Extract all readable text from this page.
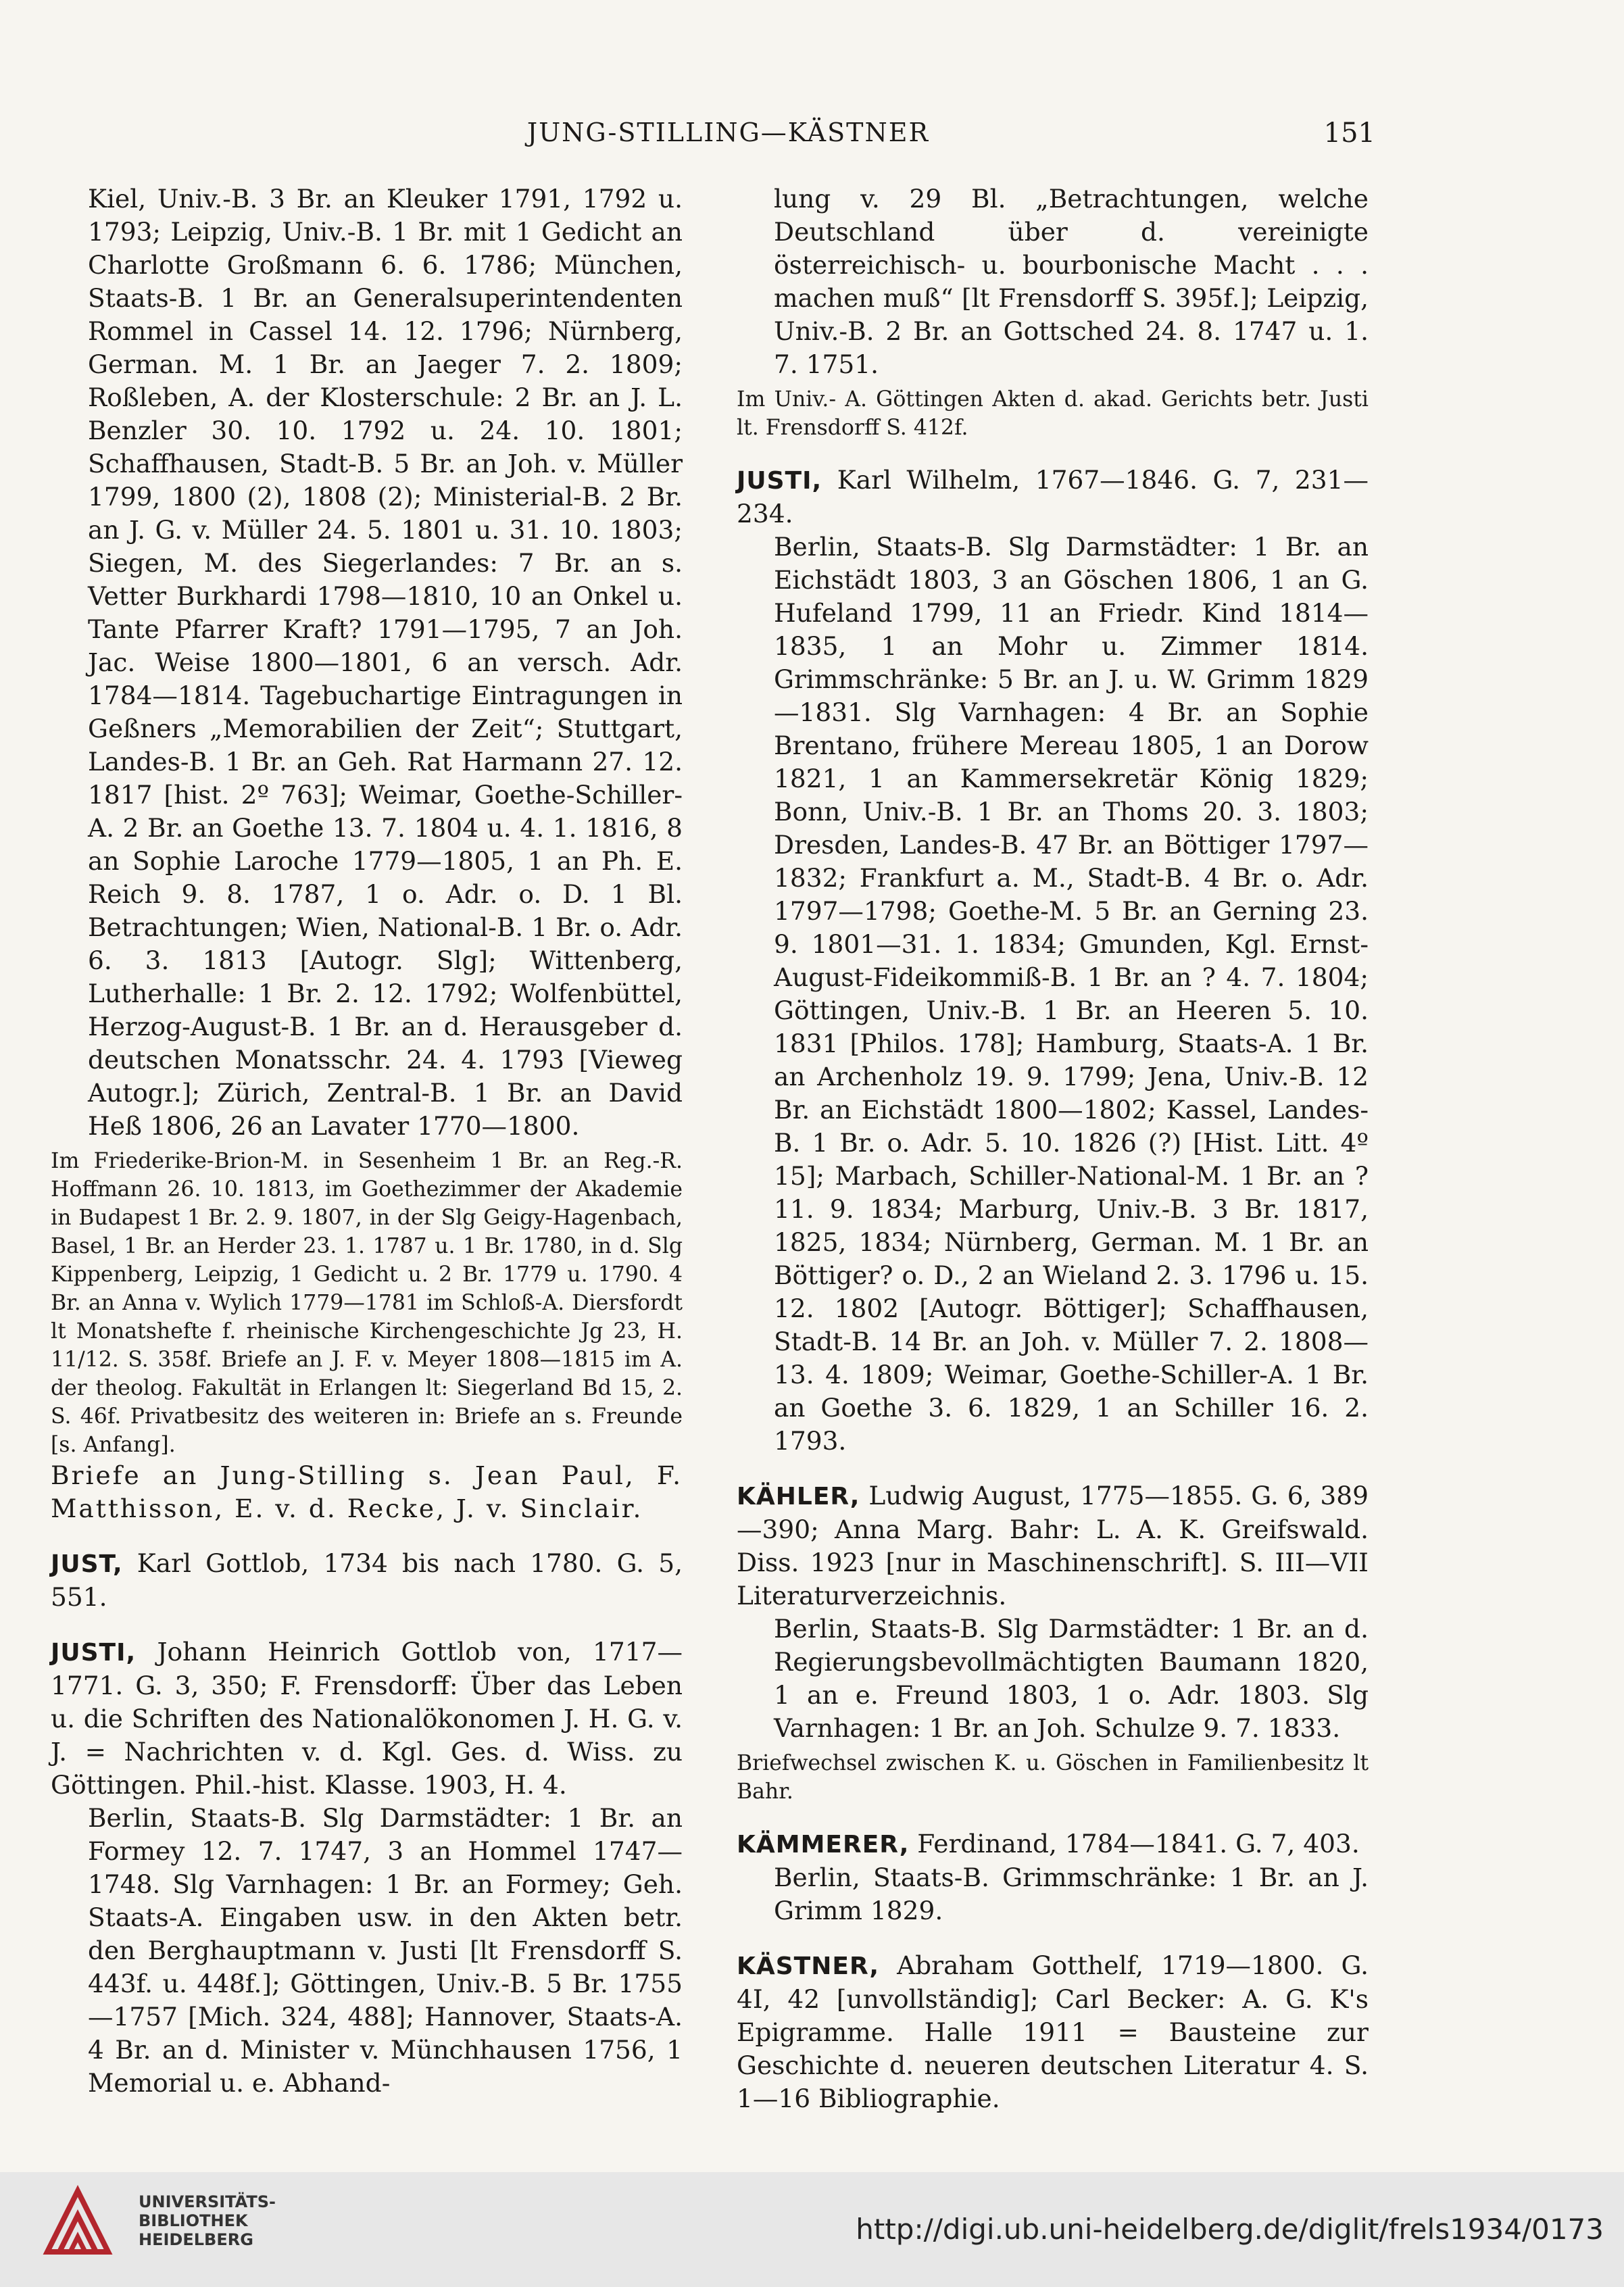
JUNG-STILLING—KÄSTNER	151

Kiel, Univ.-B. 3 Br. an Kleuker 1791, 1792 u. 1793; Leipzig, Univ.-B. 1 Br. mit 1 Gedicht an Charlotte Großmann 6. 6. 1786; München, Staats-B. 1 Br. an Generalsuperintendenten Rommel in Cassel 14. 12. 1796; Nürnberg, German. M. 1 Br. an Jaeger 7. 2. 1809; Roßleben, A. der Klosterschule: 2 Br. an J. L. Benzler 30. 10. 1792 u. 24. 10. 1801; Schaffhausen, Stadt-B. 5 Br. an Joh. v. Müller 1799, 1800 (2), 1808 (2); Ministerial-B. 2 Br. an J. G. v. Müller 24. 5. 1801 u. 31. 10. 1803; Siegen, M. des Siegerlandes: 7 Br. an s. Vetter Burkhardi 1798—1810, 10 an Onkel u. Tante Pfarrer Kraft? 1791—1795, 7 an Joh. Jac. Weise 1800—1801, 6 an versch. Adr. 1784—1814. Tagebuchartige Eintragungen in Geßners „Memorabilien der Zeit“; Stuttgart, Landes-B. 1 Br. an Geh. Rat Harmann 27. 12. 1817 [hist. 2º 763]; Weimar, Goethe-Schiller-A. 2 Br. an Goethe 13. 7. 1804 u. 4. 1. 1816, 8 an Sophie Laroche 1779—1805, 1 an Ph. E. Reich 9. 8. 1787, 1 o. Adr. o. D. 1 Bl. Betrachtungen; Wien, National-B. 1 Br. o. Adr. 6. 3. 1813 [Autogr. Slg]; Wittenberg, Lutherhalle: 1 Br. 2. 12. 1792; Wolfenbüttel, Herzog-August-B. 1 Br. an d. Herausgeber d. deutschen Monatsschr. 24. 4. 1793 [Vieweg Autogr.]; Zürich, Zentral-B. 1 Br. an David Heß 1806, 26 an Lavater 1770—1800.

Im Friederike-Brion-M. in Sesenheim 1 Br. an Reg.-R. Hoffmann 26. 10. 1813, im Goethezimmer der Akademie in Budapest 1 Br. 2. 9. 1807, in der Slg Geigy-Hagenbach, Basel, 1 Br. an Herder 23. 1. 1787 u. 1 Br. 1780, in d. Slg Kippenberg, Leipzig, 1 Gedicht u. 2 Br. 1779 u. 1790. 4 Br. an Anna v. Wylich 1779—1781 im Schloß-A. Diersfordt lt Monatshefte f. rheinische Kirchengeschichte Jg 23, H. 11/12. S. 358f. Briefe an J. F. v. Meyer 1808—1815 im A. der theolog. Fakultät in Erlangen lt: Siegerland Bd 15, 2. S. 46f. Privatbesitz des weiteren in: Briefe an s. Freunde [s. Anfang].

Briefe an Jung-Stilling s. Jean Paul, F. Matthisson, E. v. d. Recke, J. v. Sinclair.

JUST, Karl Gottlob, 1734 bis nach 1780. G. 5, 551.

JUSTI, Johann Heinrich Gottlob von, 1717—1771. G. 3, 350; F. Frensdorff: Über das Leben u. die Schriften des Nationalökonomen J. H. G. v. J. = Nachrichten v. d. Kgl. Ges. d. Wiss. zu Göttingen. Phil.-hist. Klasse. 1903, H. 4.

Berlin, Staats-B. Slg Darmstädter: 1 Br. an Formey 12. 7. 1747, 3 an Hommel 1747—1748. Slg Varnhagen: 1 Br. an Formey; Geh. Staats-A. Eingaben usw. in den Akten betr. den Berghauptmann v. Justi [lt Frensdorff S. 443f. u. 448f.]; Göttingen, Univ.-B. 5 Br. 1755—1757 [Mich. 324, 488]; Hannover, Staats-A. 4 Br. an d. Minister v. Münchhausen 1756, 1 Memorial u. e. Abhand-

lung v. 29 Bl. „Betrachtungen, welche Deutschland über d. vereinigte österreichisch- u. bourbonische Macht . . . machen muß“ [lt Frensdorff S. 395f.]; Leipzig, Univ.-B. 2 Br. an Gottsched 24. 8. 1747 u. 1. 7. 1751.

Im Univ.- A. Göttingen Akten d. akad. Gerichts betr. Justi lt. Frensdorff S. 412f.

JUSTI, Karl Wilhelm, 1767—1846. G. 7, 231—234.

Berlin, Staats-B. Slg Darmstädter: 1 Br. an Eichstädt 1803, 3 an Göschen 1806, 1 an G. Hufeland 1799, 11 an Friedr. Kind 1814—1835, 1 an Mohr u. Zimmer 1814. Grimmschränke: 5 Br. an J. u. W. Grimm 1829—1831. Slg Varnhagen: 4 Br. an Sophie Brentano, frühere Mereau 1805, 1 an Dorow 1821, 1 an Kammersekretär König 1829; Bonn, Univ.-B. 1 Br. an Thoms 20. 3. 1803; Dresden, Landes-B. 47 Br. an Böttiger 1797—1832; Frankfurt a. M., Stadt-B. 4 Br. o. Adr. 1797—1798; Goethe-M. 5 Br. an Gerning 23. 9. 1801—31. 1. 1834; Gmunden, Kgl. Ernst-August-Fideikommiß-B. 1 Br. an ? 4. 7. 1804; Göttingen, Univ.-B. 1 Br. an Heeren 5. 10. 1831 [Philos. 178]; Hamburg, Staats-A. 1 Br. an Archenholz 19. 9. 1799; Jena, Univ.-B. 12 Br. an Eichstädt 1800—1802; Kassel, Landes-B. 1 Br. o. Adr. 5. 10. 1826 (?) [Hist. Litt. 4º 15]; Marbach, Schiller-National-M. 1 Br. an ? 11. 9. 1834; Marburg, Univ.-B. 3 Br. 1817, 1825, 1834; Nürnberg, German. M. 1 Br. an Böttiger? o. D., 2 an Wieland 2. 3. 1796 u. 15. 12. 1802 [Autogr. Böttiger]; Schaffhausen, Stadt-B. 14 Br. an Joh. v. Müller 7. 2. 1808—13. 4. 1809; Weimar, Goethe-Schiller-A. 1 Br. an Goethe 3. 6. 1829, 1 an Schiller 16. 2. 1793.

KÄHLER, Ludwig August, 1775—1855. G. 6, 389—390; Anna Marg. Bahr: L. A. K. Greifswald. Diss. 1923 [nur in Maschinenschrift]. S. III—VII Literaturverzeichnis.

Berlin, Staats-B. Slg Darmstädter: 1 Br. an d. Regierungsbevollmächtigten Baumann 1820, 1 an e. Freund 1803, 1 o. Adr. 1803. Slg Varnhagen: 1 Br. an Joh. Schulze 9. 7. 1833.

Briefwechsel zwischen K. u. Göschen in Familienbesitz lt Bahr.

KÄMMERER, Ferdinand, 1784—1841. G. 7, 403.

Berlin, Staats-B. Grimmschränke: 1 Br. an J. Grimm 1829.

KÄSTNER, Abraham Gotthelf, 1719—1800. G. 4I, 42 [unvollständig]; Carl Becker: A. G. K's Epigramme. Halle 1911 = Bausteine zur Geschichte d. neueren deutschen Literatur 4. S. 1—16 Bibliographie.

UNIVERSITÄTS-
BIBLIOTHEK
HEIDELBERG	http://digi.ub.uni-heidelberg.de/diglit/frels1934/0173
